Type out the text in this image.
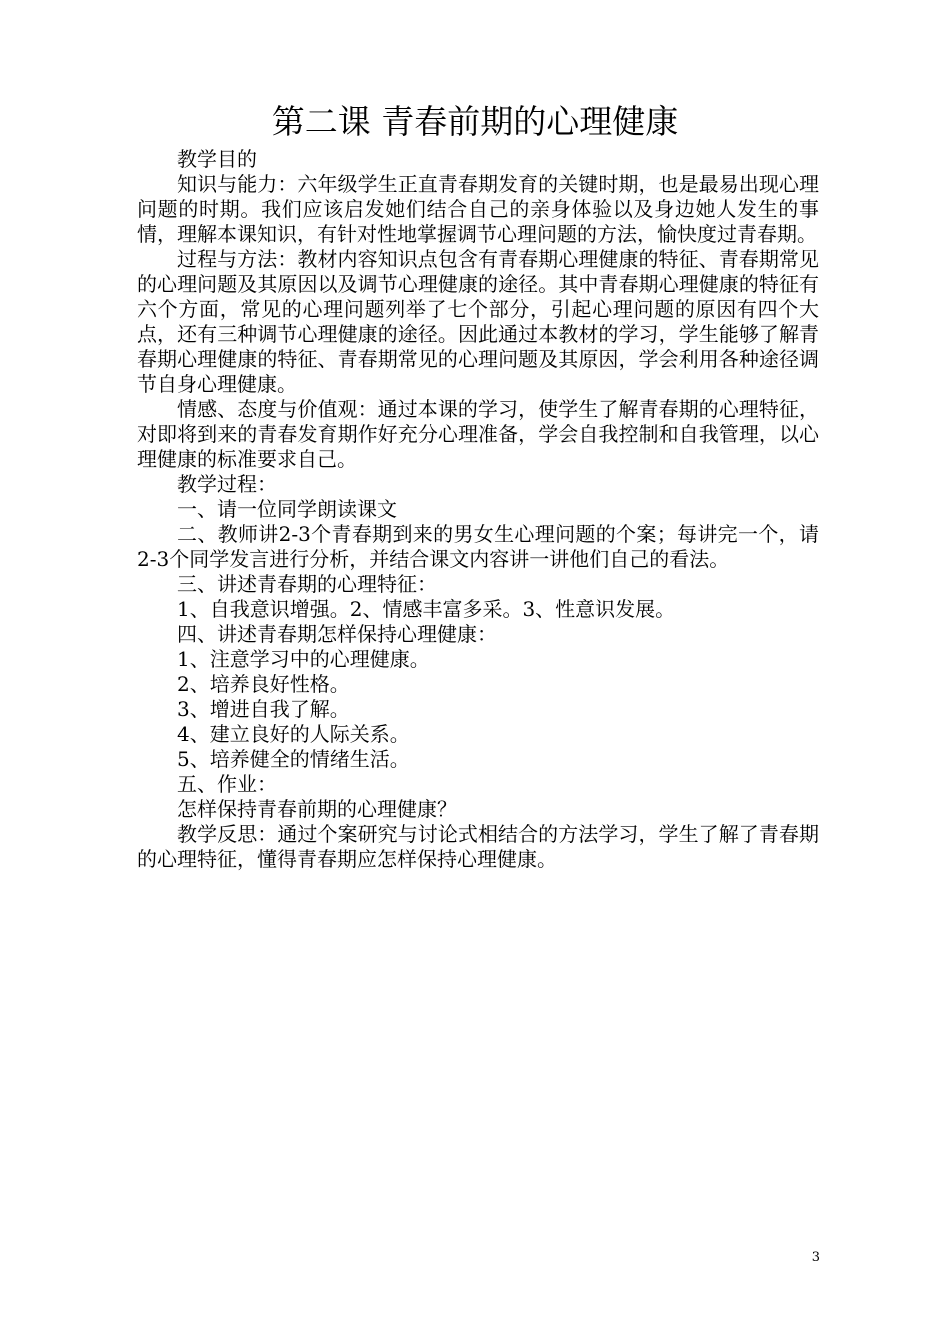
第二课 青春前期的心理健康

教学目的

知识与能力：六年级学生正直青春期发育的关键时期，也是最易出现心理问题的时期。我们应该启发她们结合自己的亲身体验以及身边她人发生的事情，理解本课知识，有针对性地掌握调节心理问题的方法，愉快度过青春期。

过程与方法：教材内容知识点包含有青春期心理健康的特征、青春期常见的心理问题及其原因以及调节心理健康的途径。其中青春期心理健康的特征有六个方面，常见的心理问题列举了七个部分，引起心理问题的原因有四个大点，还有三种调节心理健康的途径。因此通过本教材的学习，学生能够了解青春期心理健康的特征、青春期常见的心理问题及其原因，学会利用各种途径调节自身心理健康。

情感、态度与价值观：通过本课的学习，使学生了解青春期的心理特征，对即将到来的青春发育期作好充分心理准备，学会自我控制和自我管理，以心理健康的标准要求自己。

教学过程：

一、请一位同学朗读课文

二、教师讲2-3个青春期到来的男女生心理问题的个案；每讲完一个，请2-3个同学发言进行分析，并结合课文内容讲一讲他们自己的看法。

三、讲述青春期的心理特征：

1、自我意识增强。2、情感丰富多采。3、性意识发展。

四、讲述青春期怎样保持心理健康：

1、注意学习中的心理健康。

2、培养良好性格。

3、增进自我了解。

4、建立良好的人际关系。

5、培养健全的情绪生活。

五、作业：

怎样保持青春前期的心理健康？

教学反思：通过个案研究与讨论式相结合的方法学习，学生了解了青春期的心理特征，懂得青春期应怎样保持心理健康。

3
